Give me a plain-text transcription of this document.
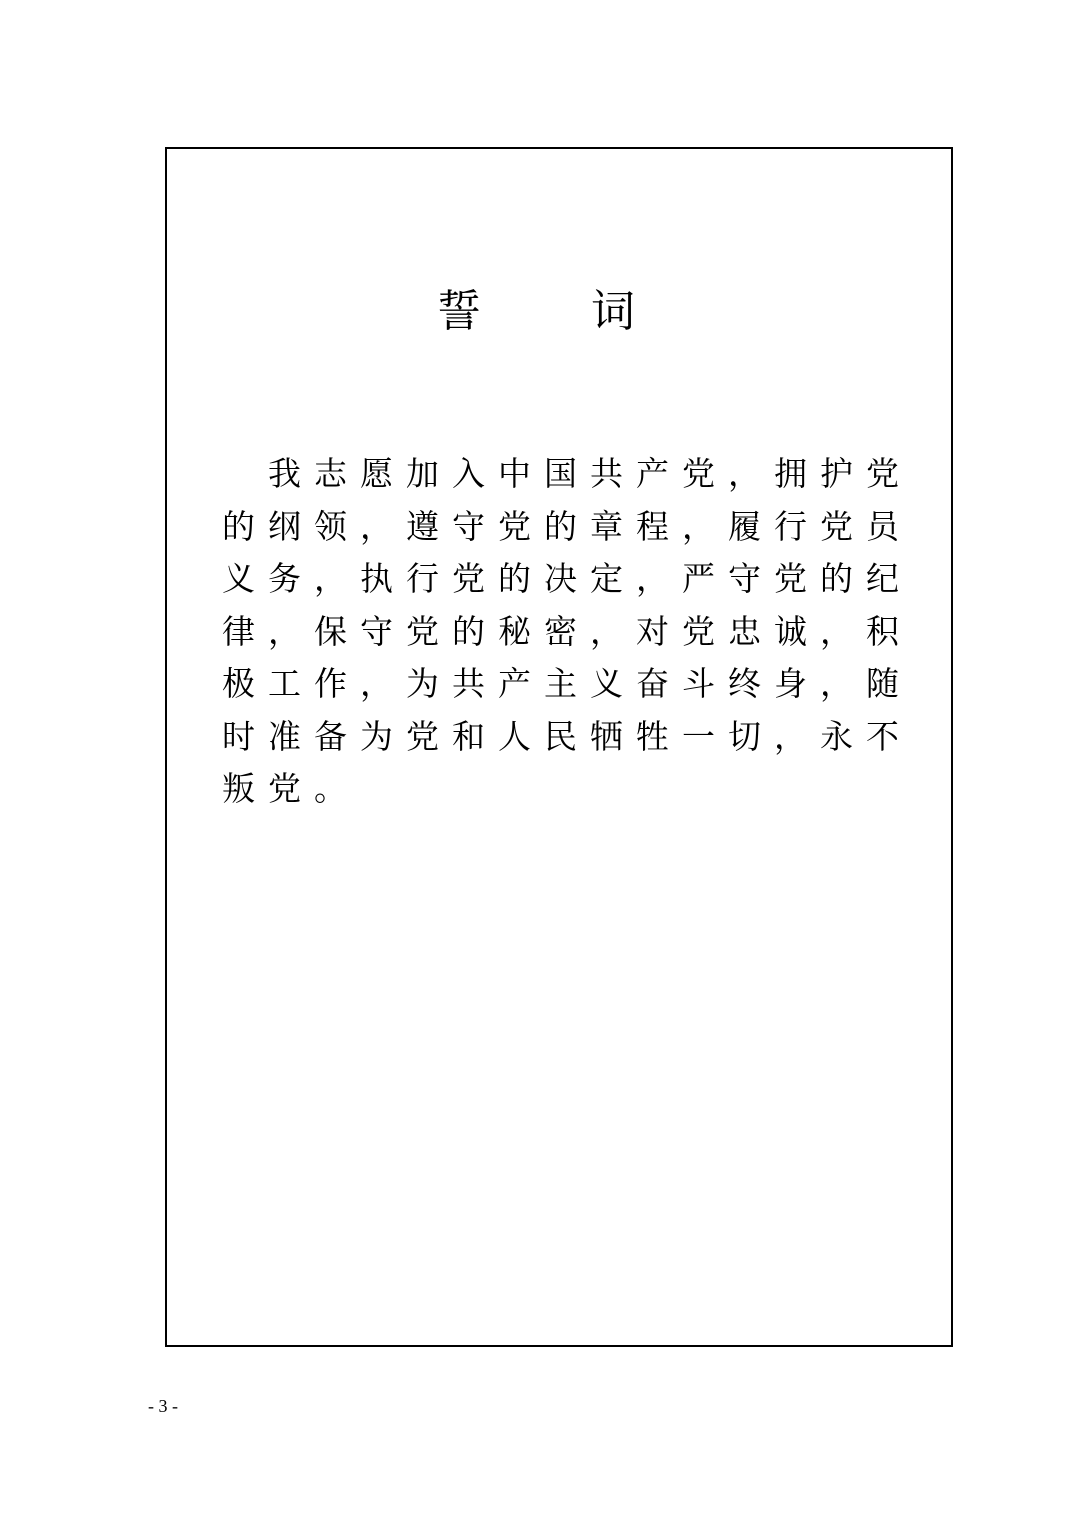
誓 词
　我志愿加入中国共产党，拥护党
的纲领，遵守党的章程，履行党员
义务，执行党的决定，严守党的纪
律，保守党的秘密，对党忠诚，积
极工作，为共产主义奋斗终身，随
时准备为党和人民牺牲一切，永不
叛党。
- 3 -
